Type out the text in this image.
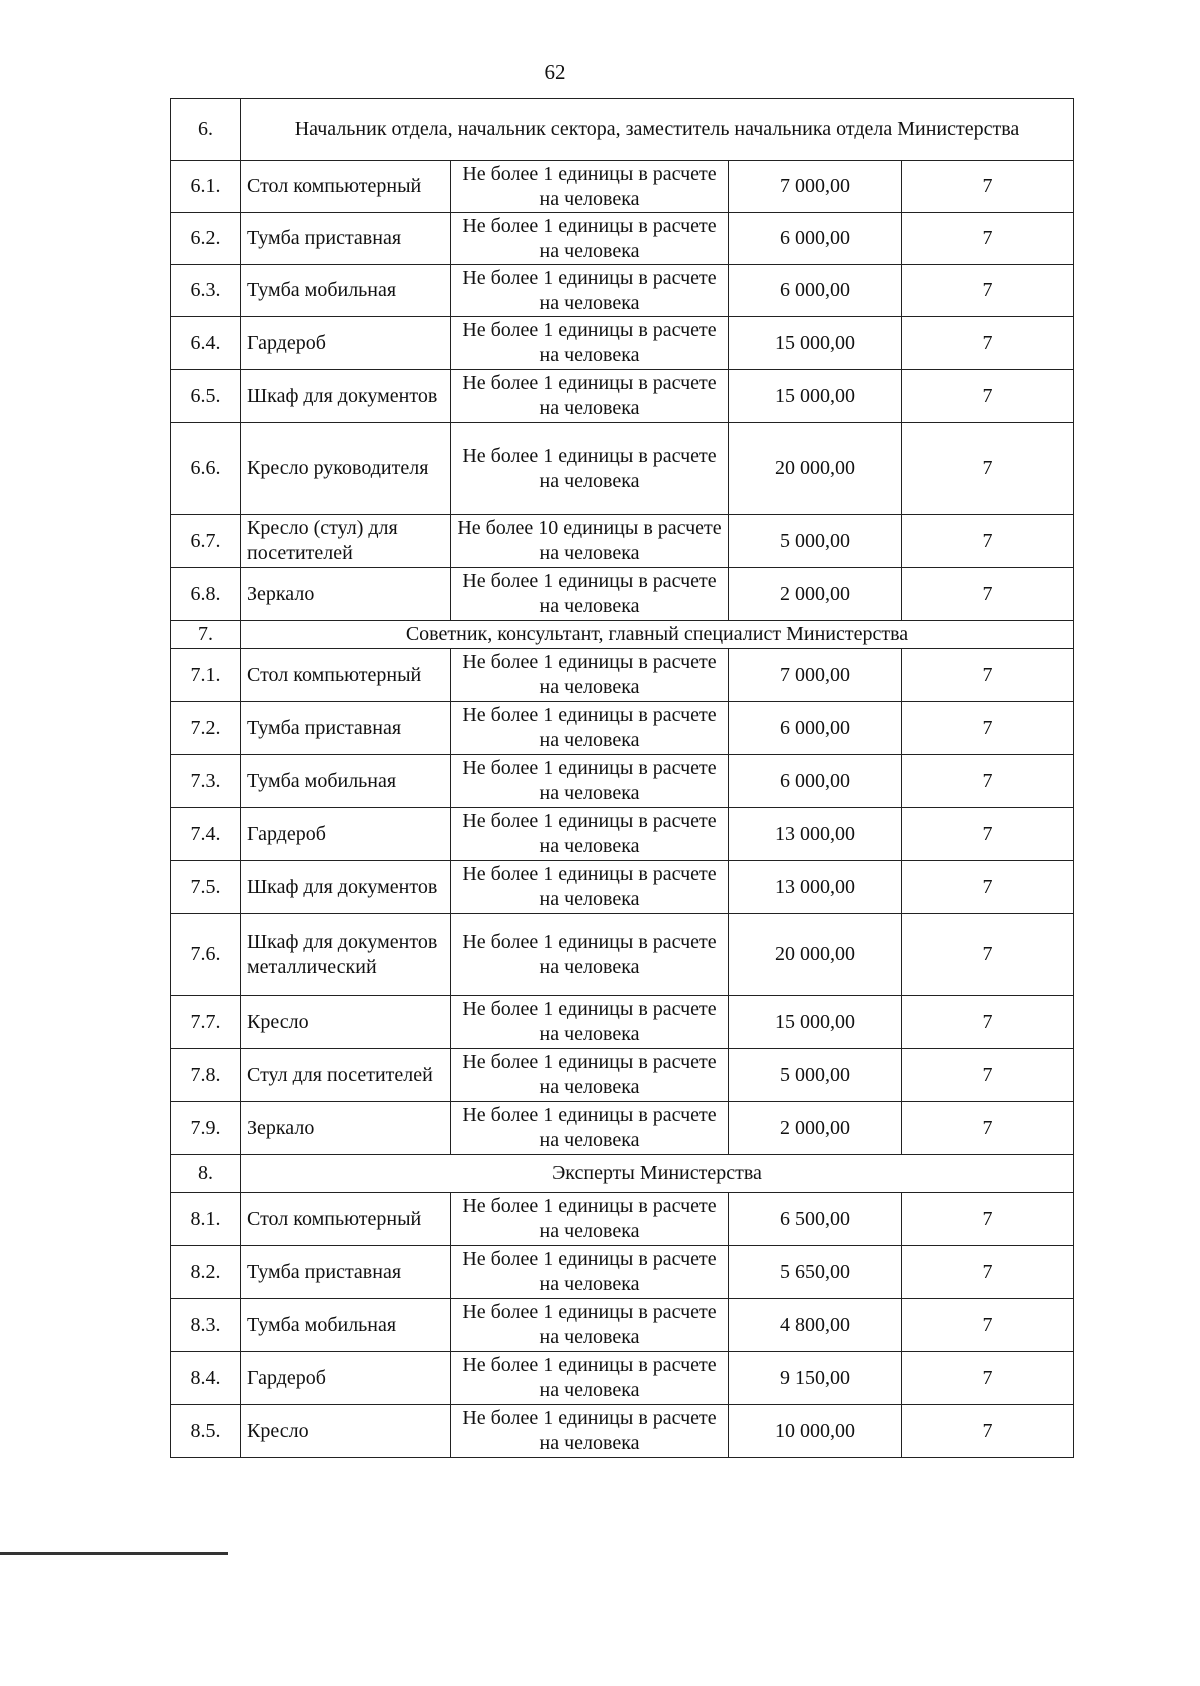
62
6.	Начальник отдела, начальник сектора, заместитель начальника отдела Министерства			
6.1.	Стол компьютерный	Не более 1 единицы в расчете на человека	7 000,00	7
6.2.	Тумба приставная	Не более 1 единицы в расчете на человека	6 000,00	7
6.3.	Тумба мобильная	Не более 1 единицы в расчете на человека	6 000,00	7
6.4.	Гардероб	Не более 1 единицы в расчете на человека	15 000,00	7
6.5.	Шкаф для документов	Не более 1 единицы в расчете на человека	15 000,00	7
6.6.	Кресло руководителя	Не более 1 единицы в расчете на человека	20 000,00	7
6.7.	Кресло (стул) для посетителей	Не более 10 единицы в расчете на человека	5 000,00	7
6.8.	Зеркало	Не более 1 единицы в расчете на человека	2 000,00	7
7.	Советник, консультант, главный специалист Министерства			
7.1.	Стол компьютерный	Не более 1 единицы в расчете на человека	7 000,00	7
7.2.	Тумба приставная	Не более 1 единицы в расчете на человека	6 000,00	7
7.3.	Тумба мобильная	Не более 1 единицы в расчете на человека	6 000,00	7
7.4.	Гардероб	Не более 1 единицы в расчете на человека	13 000,00	7
7.5.	Шкаф для документов	Не более 1 единицы в расчете на человека	13 000,00	7
7.6.	Шкаф для документов металлический	Не более 1 единицы в расчете на человека	20 000,00	7
7.7.	Кресло	Не более 1 единицы в расчете на человека	15 000,00	7
7.8.	Стул для посетителей	Не более 1 единицы в расчете на человека	5 000,00	7
7.9.	Зеркало	Не более 1 единицы в расчете на человека	2 000,00	7
8.	Эксперты Министерства			
8.1.	Стол компьютерный	Не более 1 единицы в расчете на человека	6 500,00	7
8.2.	Тумба приставная	Не более 1 единицы в расчете на человека	5 650,00	7
8.3.	Тумба мобильная	Не более 1 единицы в расчете на человека	4 800,00	7
8.4.	Гардероб	Не более 1 единицы в расчете на человека	9 150,00	7
8.5.	Кресло	Не более 1 единицы в расчете на человека	10 000,00	7
